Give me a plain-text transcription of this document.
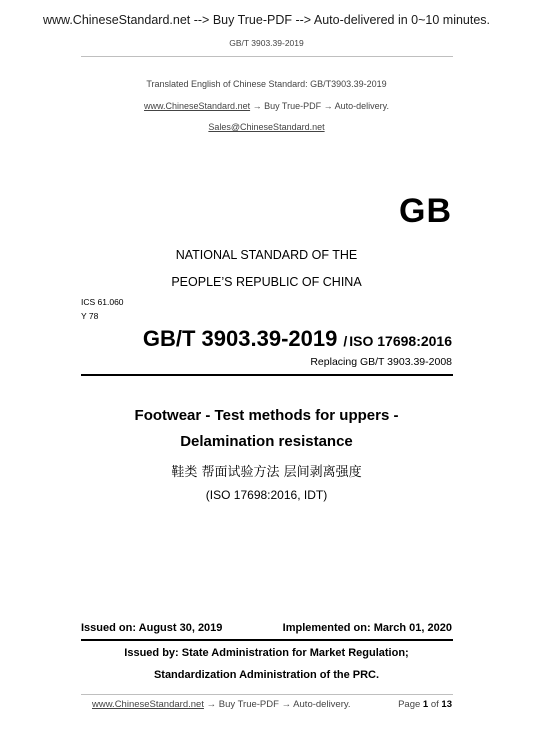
www.ChineseStandard.net --> Buy True-PDF --> Auto-delivered in 0~10 minutes.
GB/T 3903.39-2019
Translated English of Chinese Standard: GB/T3903.39-2019
www.ChineseStandard.net → Buy True-PDF → Auto-delivery.
Sales@ChineseStandard.net
GB
NATIONAL STANDARD OF THE
PEOPLE’S REPUBLIC OF CHINA
ICS 61.060
Y 78
GB/T 3903.39-2019 / ISO 17698:2016
Replacing GB/T 3903.39-2008
Footwear - Test methods for uppers -
Delamination resistance
鞋类 帮面试验方法 层间剥离强度
(ISO 17698:2016, IDT)
Issued on: August 30, 2019	Implemented on: March 01, 2020
Issued by: State Administration for Market Regulation;
Standardization Administration of the PRC.
www.ChineseStandard.net → Buy True-PDF → Auto-delivery.	Page 1 of 13
